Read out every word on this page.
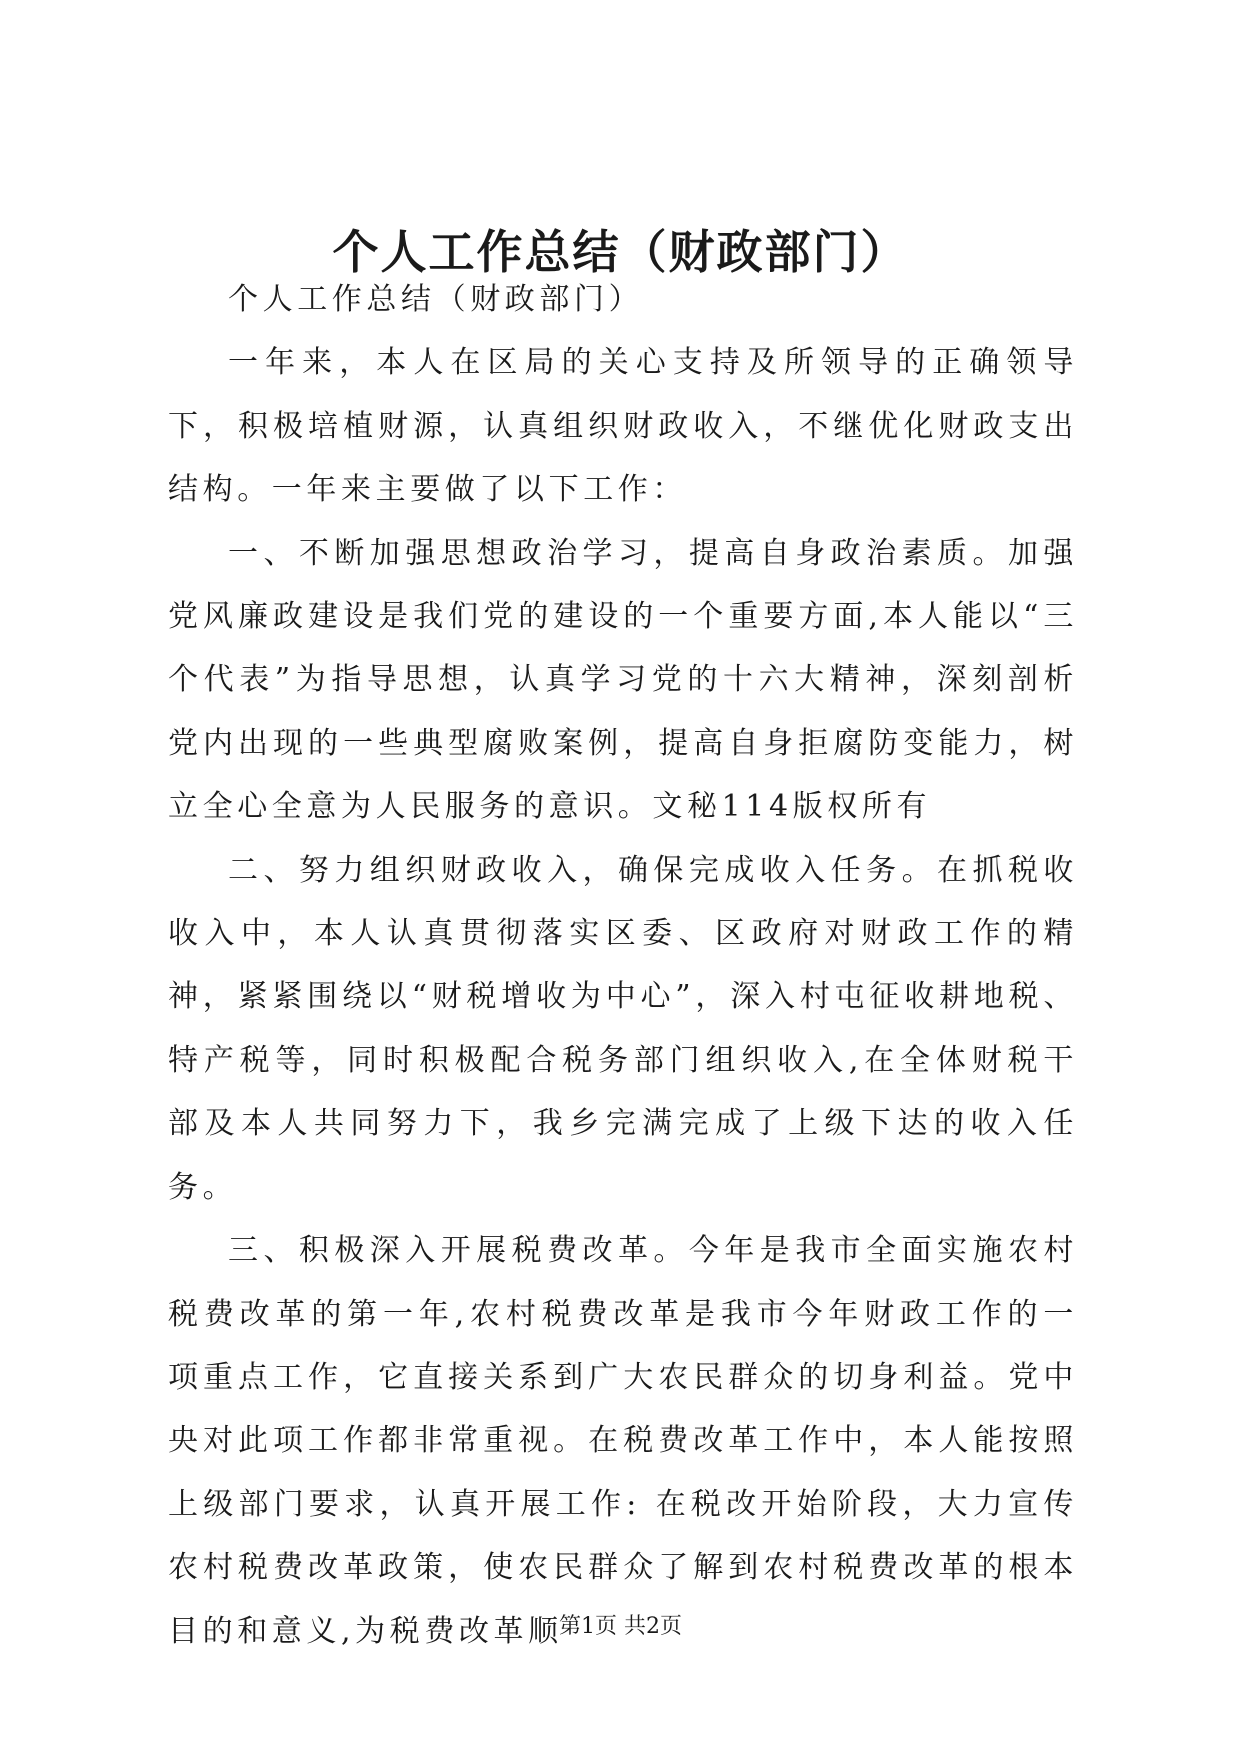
个人工作总结（财政部门）

个人工作总结（财政部门）

一年来，本人在区局的关心支持及所领导的正确领导下，积极培植财源，认真组织财政收入，不继优化财政支出结构。一年来主要做了以下工作：

一、不断加强思想政治学习，提高自身政治素质。加强党风廉政建设是我们党的建设的一个重要方面,本人能以“三个代表”为指导思想，认真学习党的十六大精神，深刻剖析党内出现的一些典型腐败案例，提高自身拒腐防变能力，树立全心全意为人民服务的意识。文秘114版权所有

二、努力组织财政收入，确保完成收入任务。在抓税收收入中，本人认真贯彻落实区委、区政府对财政工作的精神，紧紧围绕以“财税增收为中心”，深入村屯征收耕地税、特产税等，同时积极配合税务部门组织收入,在全体财税干部及本人共同努力下，我乡完满完成了上级下达的收入任务。

三、积极深入开展税费改革。今年是我市全面实施农村税费改革的第一年,农村税费改革是我市今年财政工作的一项重点工作，它直接关系到广大农民群众的切身利益。党中央对此项工作都非常重视。在税费改革工作中，本人能按照上级部门要求，认真开展工作: 在税改开始阶段，大力宣传农村税费改革政策，使农民群众了解到农村税费改革的根本目的和意义,为税费改革顺

第1页 共2页
